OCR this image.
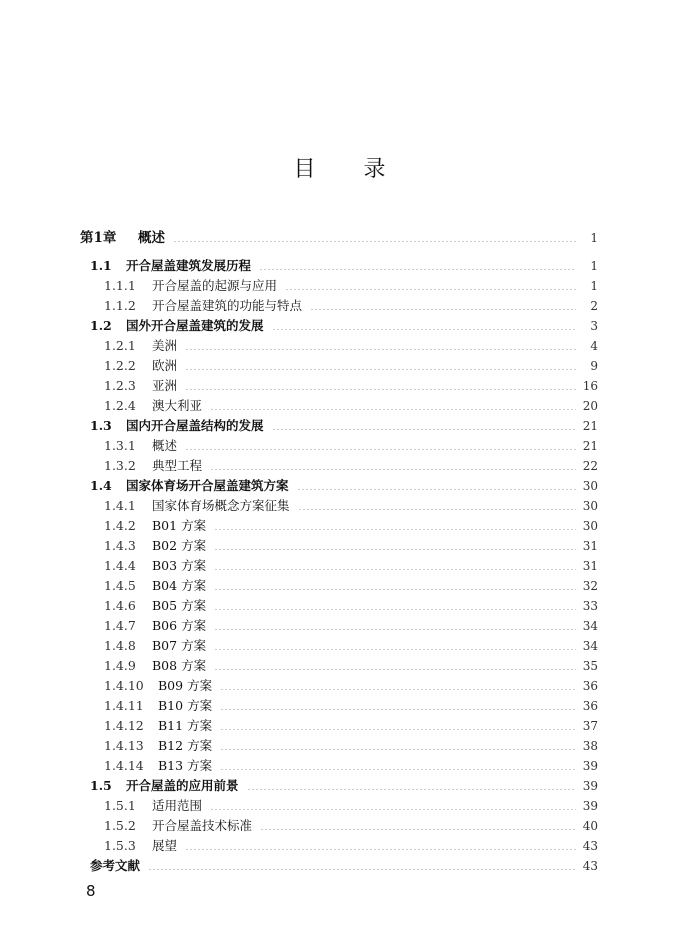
目 录
第1章	概述	1
1.1	开合屋盖建筑发展历程	1
1.1.1	开合屋盖的起源与应用	1
1.1.2	开合屋盖建筑的功能与特点	2
1.2	国外开合屋盖建筑的发展	3
1.2.1	美洲	4
1.2.2	欧洲	9
1.2.3	亚洲	16
1.2.4	澳大利亚	20
1.3	国内开合屋盖结构的发展	21
1.3.1	概述	21
1.3.2	典型工程	22
1.4	国家体育场开合屋盖建筑方案	30
1.4.1	国家体育场概念方案征集	30
1.4.2	B01 方案	30
1.4.3	B02 方案	31
1.4.4	B03 方案	31
1.4.5	B04 方案	32
1.4.6	B05 方案	33
1.4.7	B06 方案	34
1.4.8	B07 方案	34
1.4.9	B08 方案	35
1.4.10	B09 方案	36
1.4.11	B10 方案	36
1.4.12	B11 方案	37
1.4.13	B12 方案	38
1.4.14	B13 方案	39
1.5	开合屋盖的应用前景	39
1.5.1	适用范围	39
1.5.2	开合屋盖技术标准	40
1.5.3	展望	43
参考文献	43
8
